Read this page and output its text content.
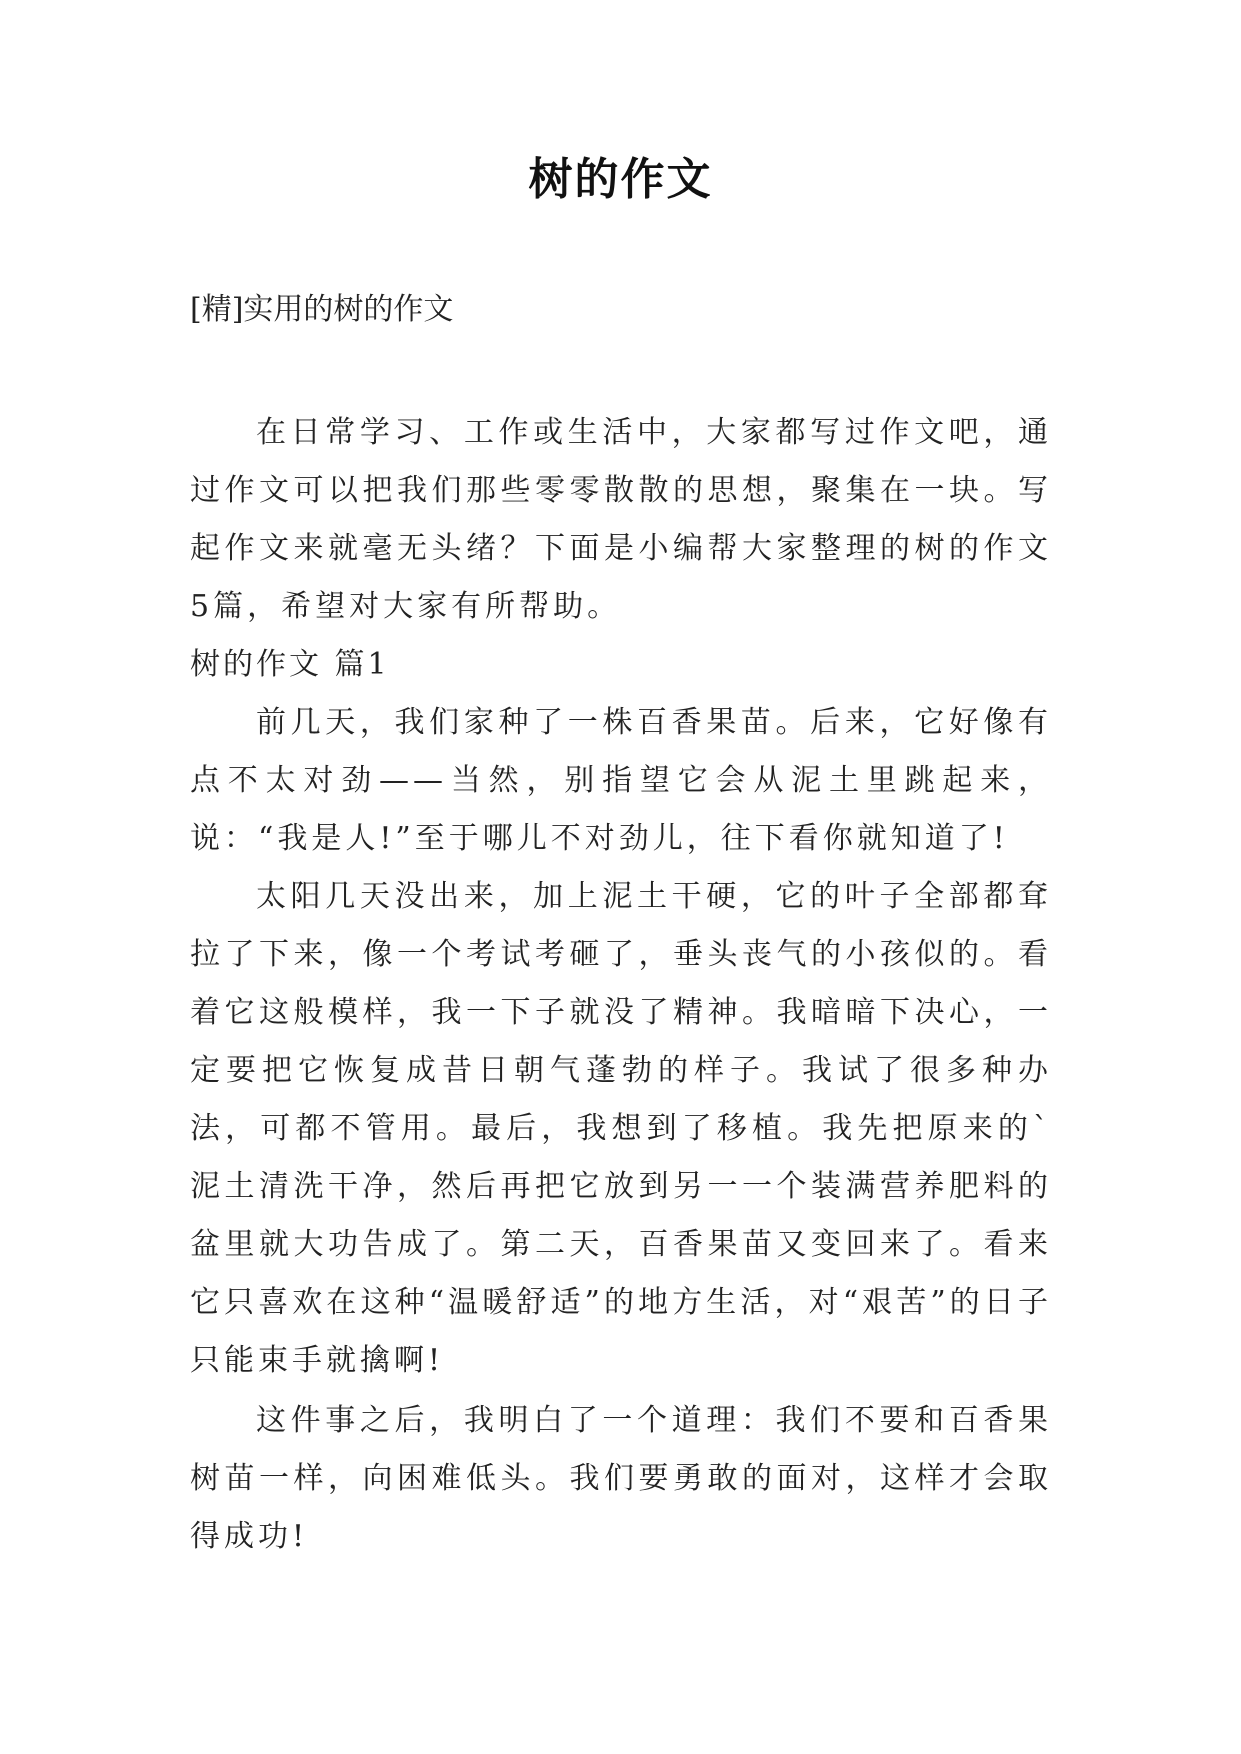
树的作文
[精]实用的树的作文

在日常学习、工作或生活中，大家都写过作文吧，通过作文可以把我们那些零零散散的思想，聚集在一块。写起作文来就毫无头绪？下面是小编帮大家整理的树的作文5篇，希望对大家有所帮助。

树的作文 篇1

前几天，我们家种了一株百香果苗。后来，它好像有点不太对劲——当然，别指望它会从泥土里跳起来，说：“我是人!”至于哪儿不对劲儿，往下看你就知道了!

太阳几天没出来，加上泥土干硬，它的叶子全部都耷拉了下来，像一个考试考砸了，垂头丧气的小孩似的。看着它这般模样，我一下子就没了精神。我暗暗下决心，一定要把它恢复成昔日朝气蓬勃的样子。我试了很多种办法，可都不管用。最后，我想到了移植。我先把原来的`泥土清洗干净，然后再把它放到另一一个装满营养肥料的盆里就大功告成了。第二天，百香果苗又变回来了。看来它只喜欢在这种“温暖舒适”的地方生活，对“艰苦”的日子只能束手就擒啊!

这件事之后，我明白了一个道理：我们不要和百香果树苗一样，向困难低头。我们要勇敢的面对，这样才会取得成功!
